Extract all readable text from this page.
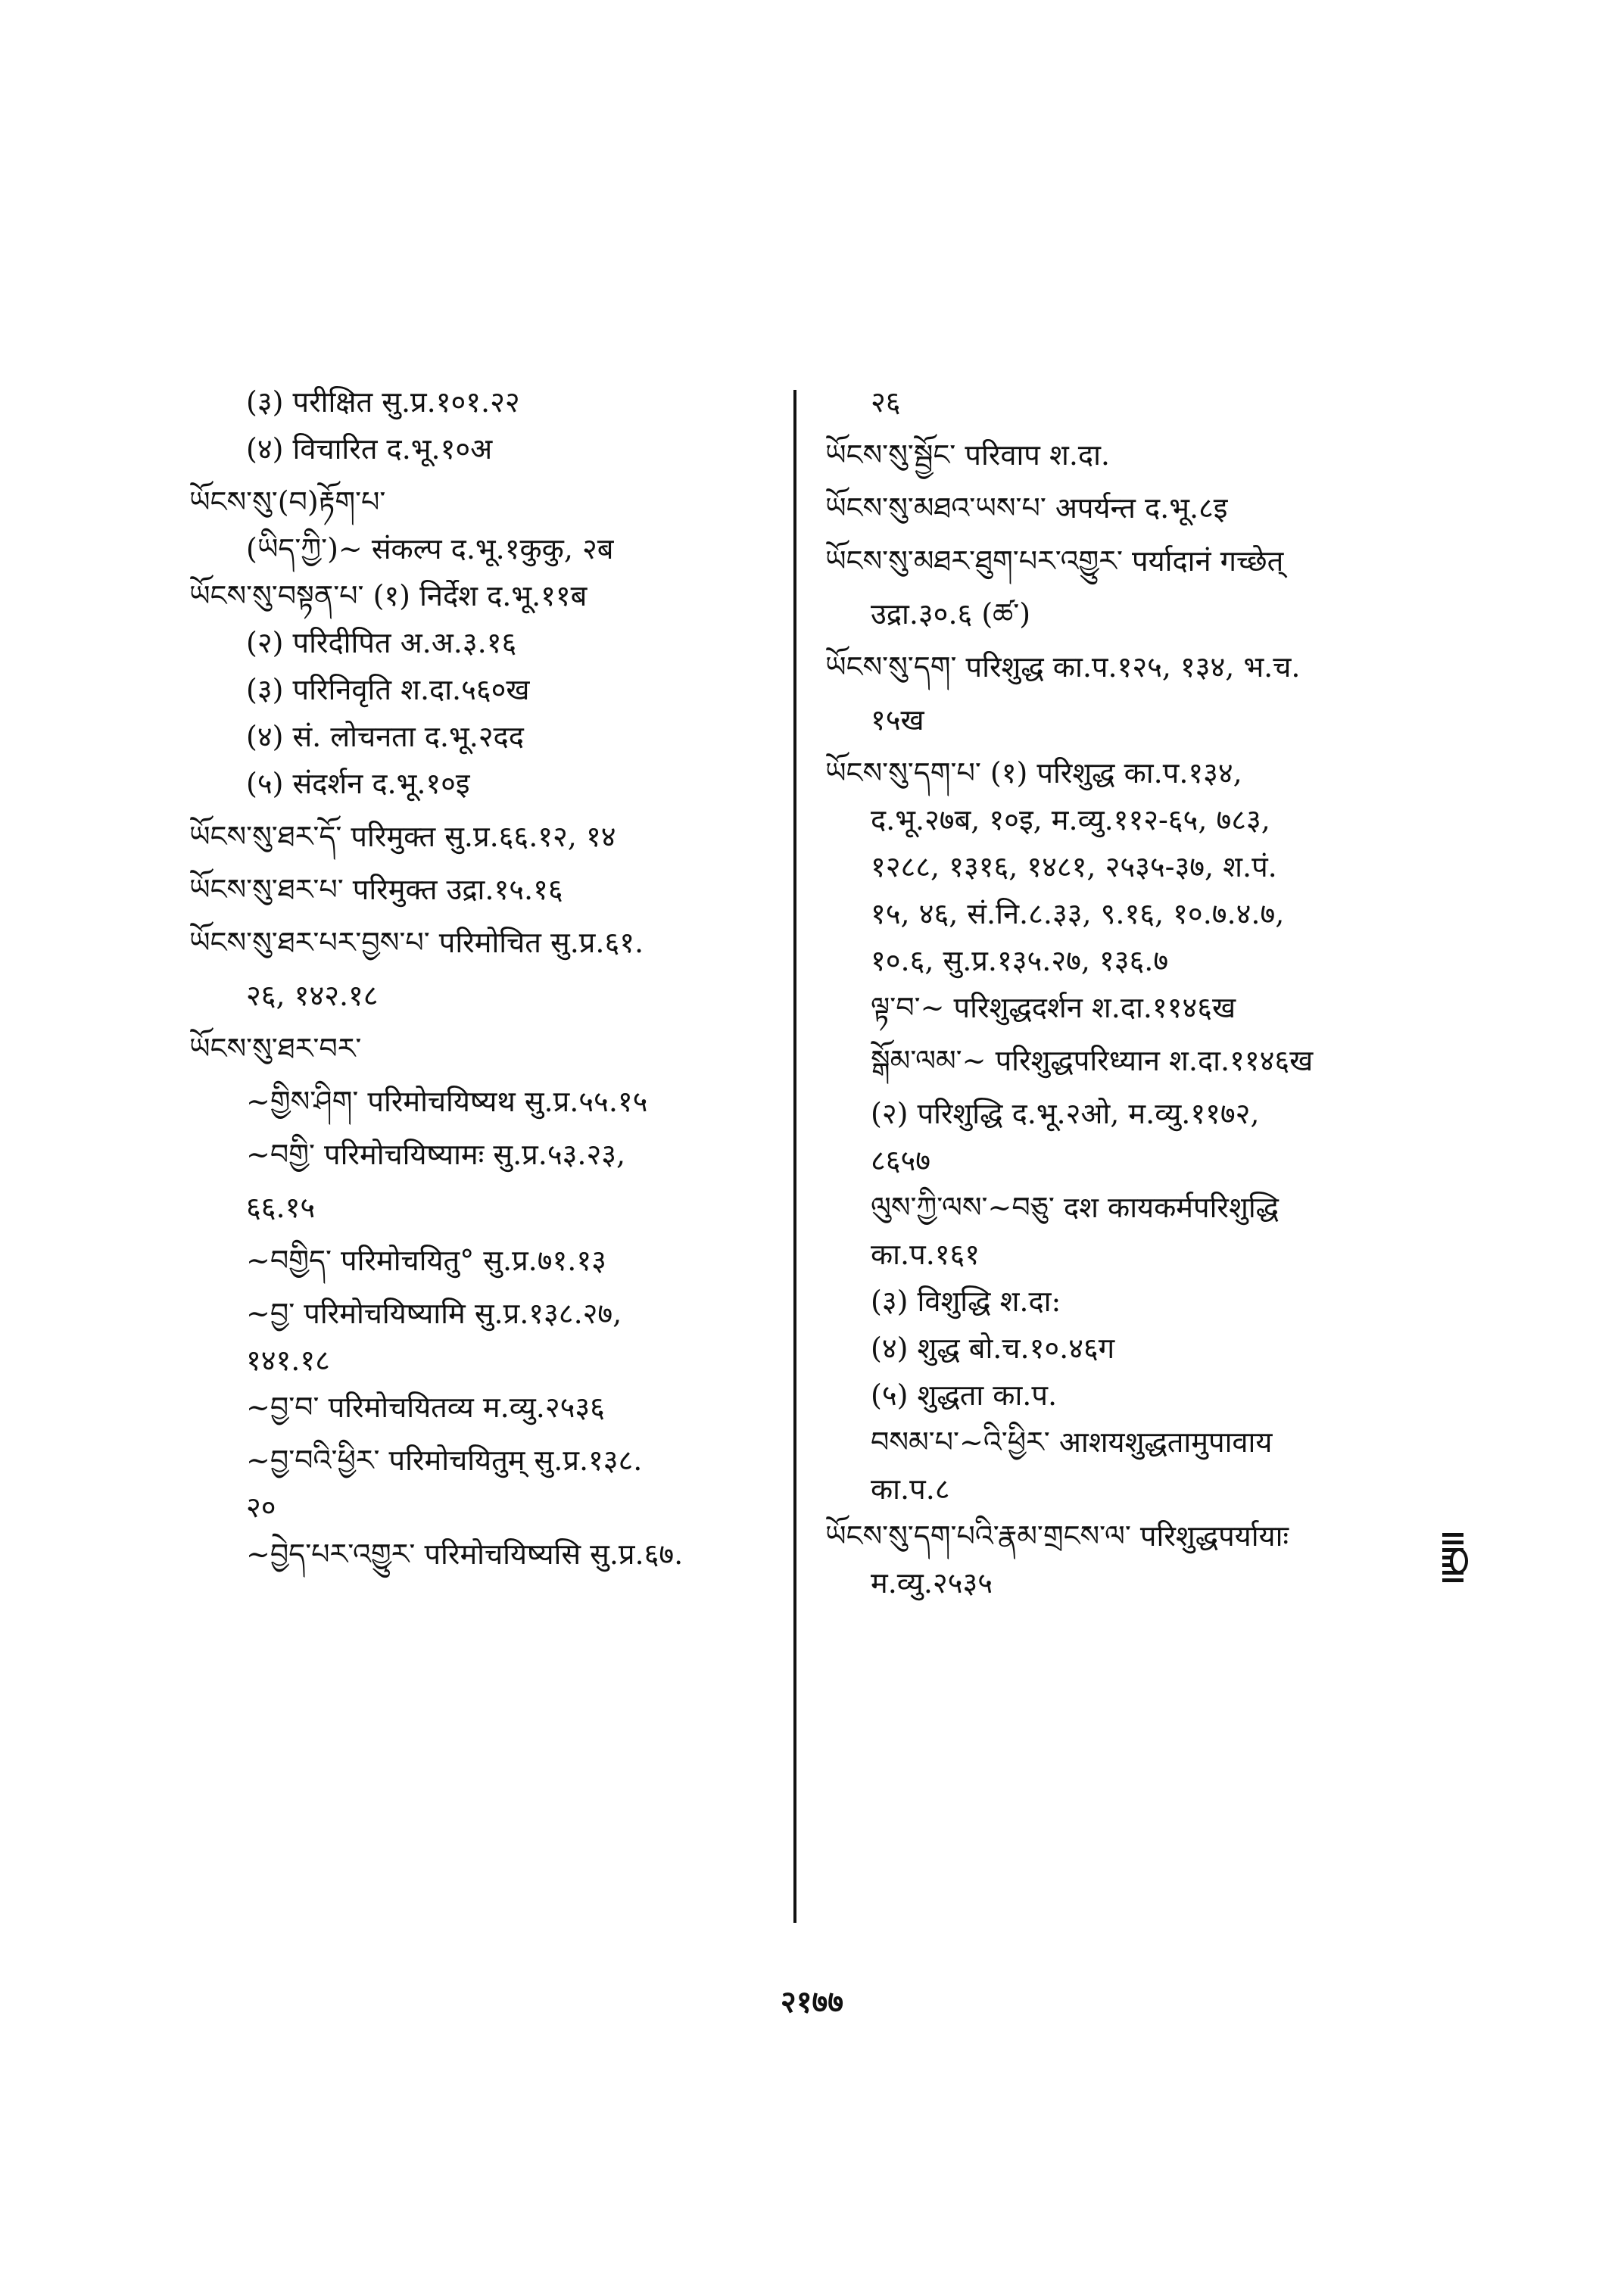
(३) परीक्षित सु.प्र.१०१.२२
(४) विचारित द.भू.१०अ
ཡོངས་སུ་(བ)རྟོག་པ་
(ཡིད་ཀྱི་)~ संकल्प द.भू.१कुकु, २ब
ཡོངས་སུ་བསྟན་པ་ (१) निर्देश द.भू.११ब
(२) परिदीपित अ.अ.३.१६
(३) परिनिवृति श.दा.५६०ख
(४) सं. लोचनता द.भू.२दद
(५) संदर्शन द.भू.१०इ
ཡོངས་སུ་ཐར་དོ་ परिमुक्त सु.प्र.६६.१२, १४
ཡོངས་སུ་ཐར་པ་ परिमुक्त उद्रा.१५.१६
ཡོངས་སུ་ཐར་པར་བྱས་པ་ परिमोचित सु.प्र.६१.
२६, १४२.१८
ཡོངས་སུ་ཐར་བར་
~གྱིས་ཤིག་ परिमोचयिष्यथ सु.प्र.५५.१५
~བགྱི་ परिमोचयिष्यामः सु.प्र.५३.२३,
६६.१५
~བགྱིད་ परिमोचयितु° सु.प्र.७१.१३
~བྱ་ परिमोचयिष्यामि सु.प्र.१३८.२७,
१४१.१८
~བྱ་བ་ परिमोचयितव्य म.व्यु.२५३६
~བྱ་བའི་ཕྱིར་ परिमोचयितुम् सु.प्र.१३८.
२०
~བྱེད་པར་འགྱུར་ परिमोचयिष्यसि सु.प्र.६७.
२६
ཡོངས་སུ་སྦྱོང་ परिवाप श.दा.
ཡོངས་སུ་མཐའ་ཡས་པ་ अपर्यन्त द.भू.८इ
ཡོངས་སུ་མཐར་ཐུག་པར་འགྱུར་ पर्यादानं गच्छेत्
उद्रा.३०.६ (ཚ་)
ཡོངས་སུ་དག་ परिशुद्ध का.प.१२५, १३४, भ.च.
१५ख
ཡོངས་སུ་དག་པ་ (१) परिशुद्ध का.प.१३४,
द.भू.२७ब, १०इ, म.व्यु.११२-६५, ७८३,
१२८८, १३१६, १४८१, २५३५-३७, श.पं.
१५, ४६, सं.नि.८.३३, ९.१६, १०.७.४.७,
१०.६, सु.प्र.१३५.२७, १३६.७
ལྟ་བ་~ परिशुद्धदर्शन श.दा.११४६ख
སྒོམ་ལམ་~ परिशुद्धपरिध्यान श.दा.११४६ख
(२) परिशुद्धि द.भू.२ओ, म.व्यु.११७२,
८६५७
ལུས་ཀྱི་ལས་~བཅུ་ दश कायकर्मपरिशुद्धि
का.प.१६१
(३) विशुद्धि श.दा:
(४) शुद्ध बो.च.१०.४६ग
(५) शुद्धता का.प.
བསམ་པ་~འི་ཕྱིར་ आशयशुद्धतामुपावाय
का.प.८
ཡོངས་སུ་དག་པའི་རྣམ་གྲངས་ལ་ परिशुद्धपर्यायाः
म.व्यु.२५३५
२१७७
